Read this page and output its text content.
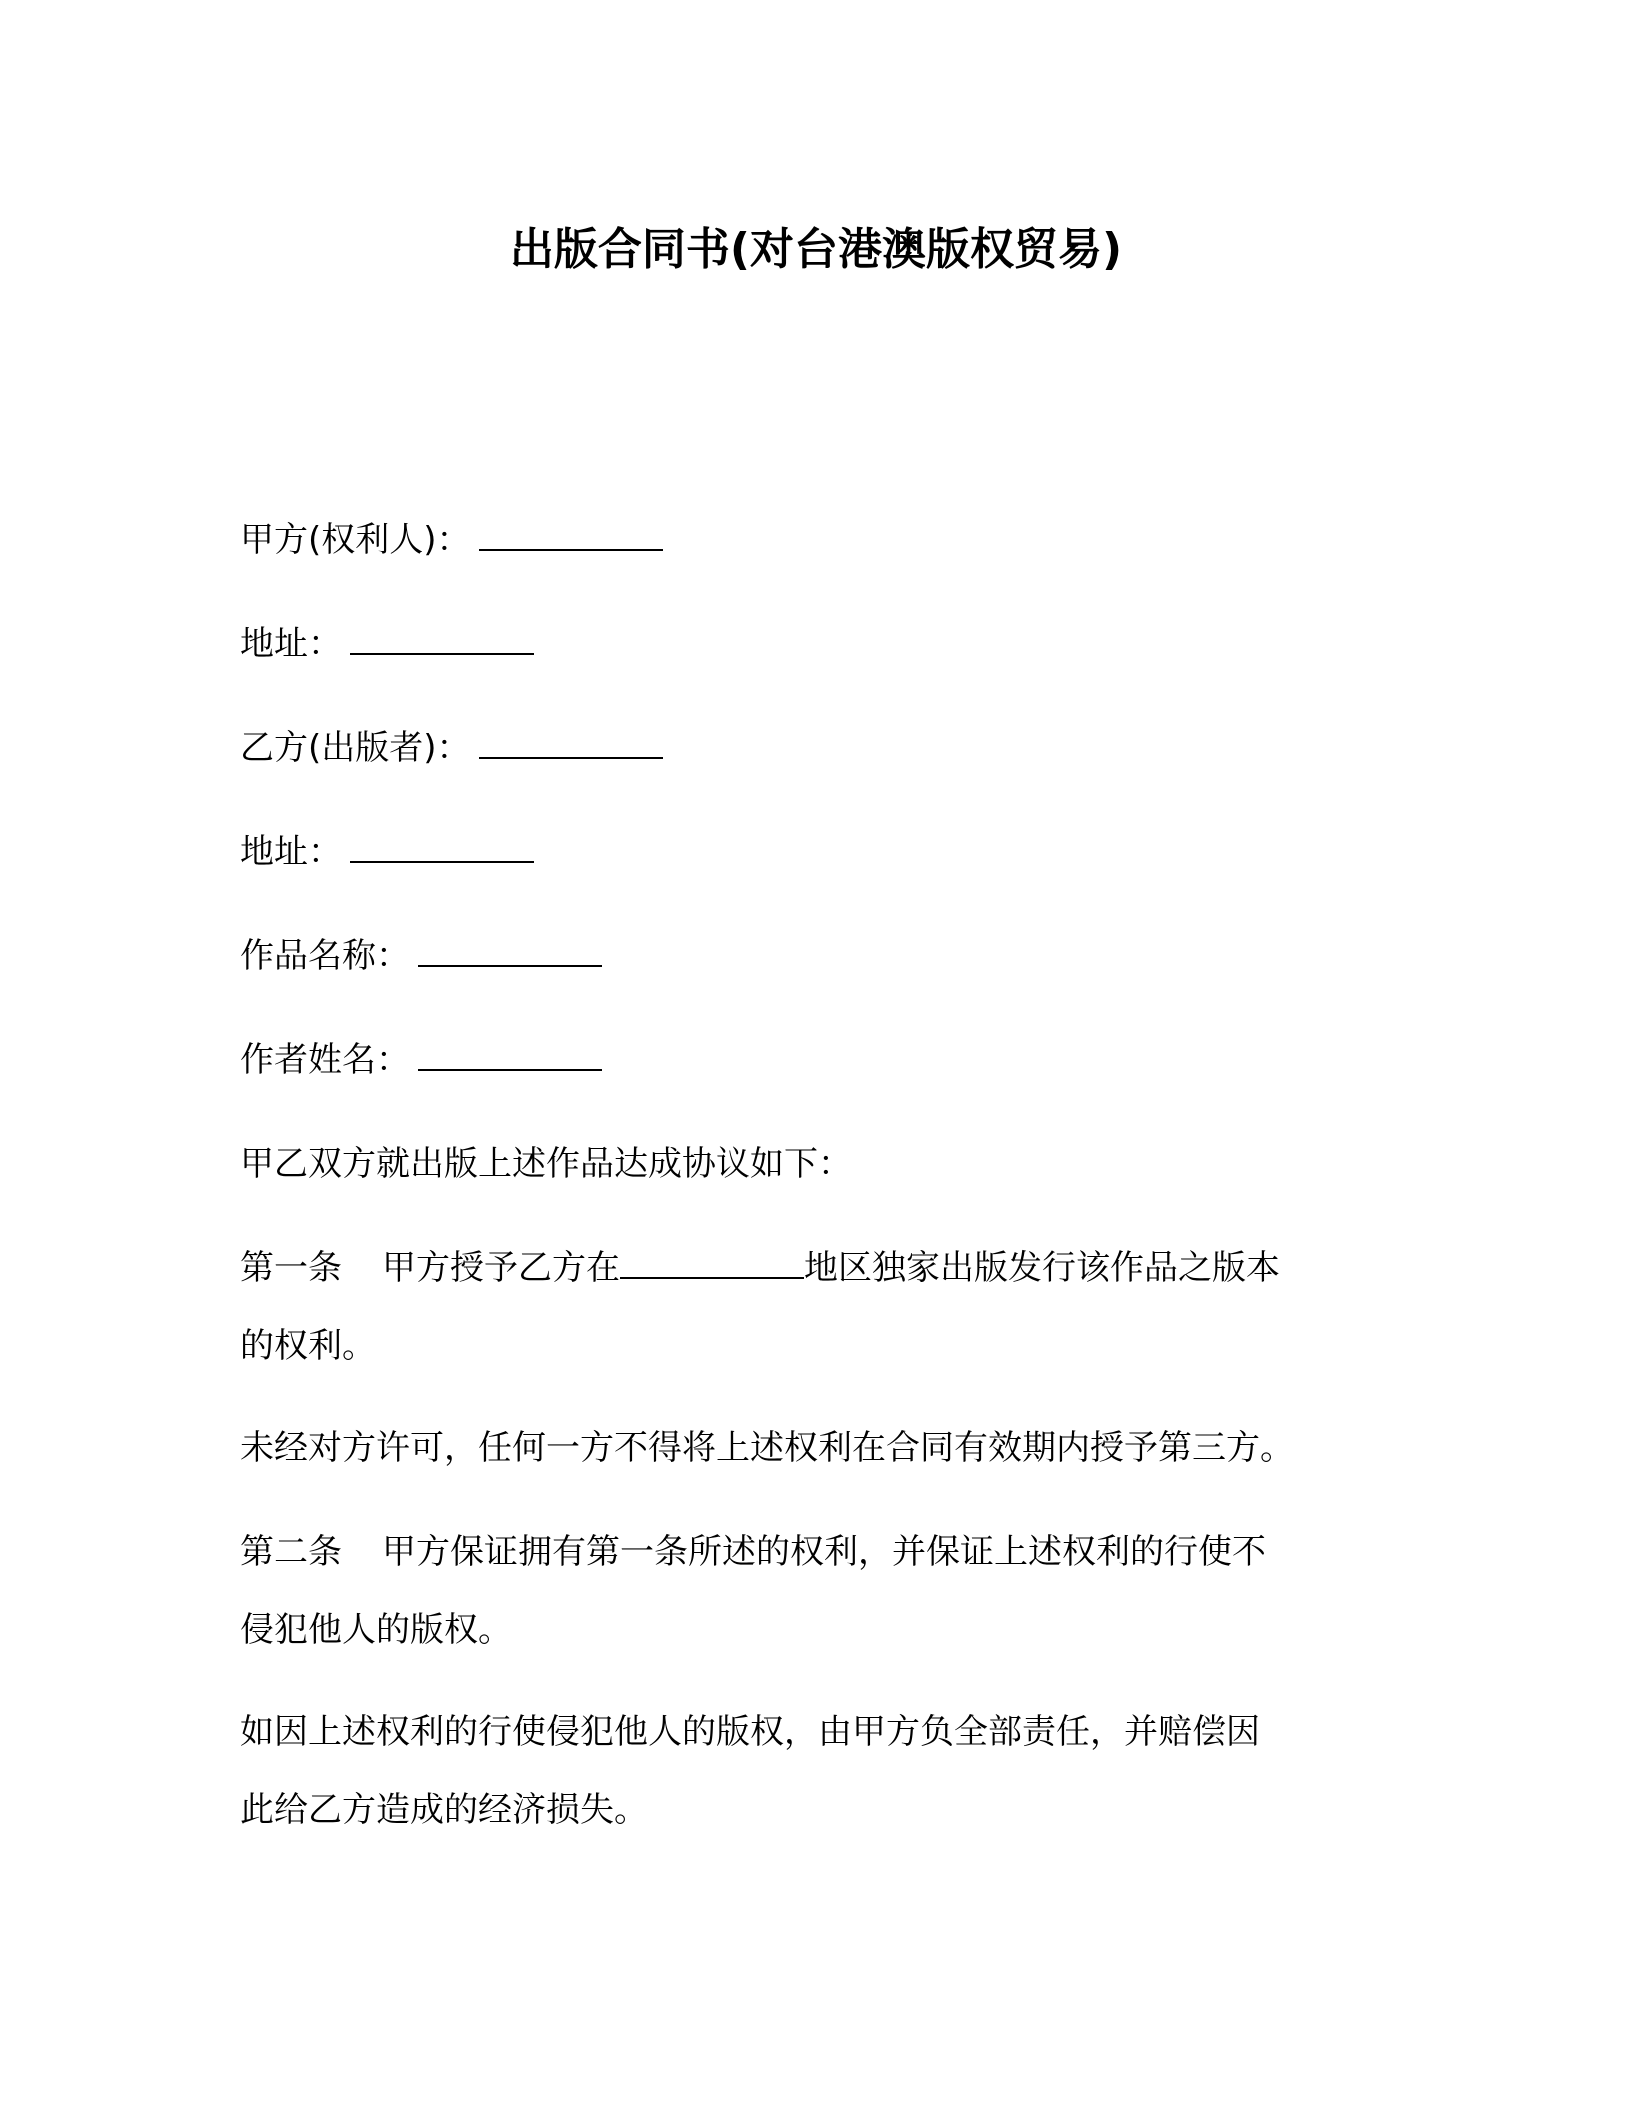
出版合同书(对台港澳版权贸易)

甲方(权利人)：

地址：

乙方(出版者)：

地址：

作品名称：

作者姓名：

甲乙双方就出版上述作品达成协议如下：

第一条 甲方授予乙方在	地区独家出版发行该作品之版本

的权利。

未经对方许可，任何一方不得将上述权利在合同有效期内授予第三方。

第二条 甲方保证拥有第一条所述的权利，并保证上述权利的行使不

侵犯他人的版权。

如因上述权利的行使侵犯他人的版权，由甲方负全部责任，并赔偿因

此给乙方造成的经济损失。
